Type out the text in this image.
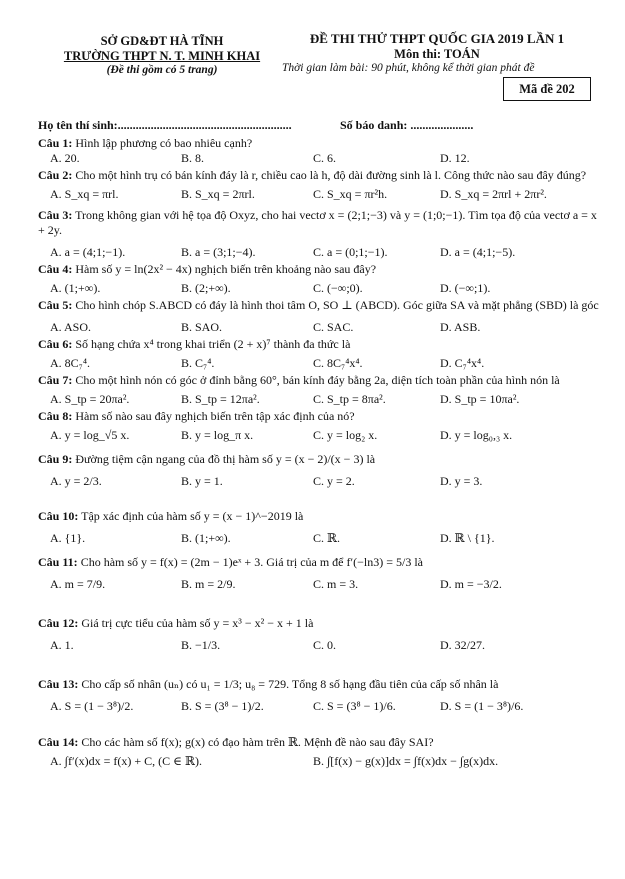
SỞ GD&ĐT HÀ TĨNH
TRƯỜNG THPT N. T. MINH KHAI
(Đề thi gồm có 5 trang)
ĐỀ THI THỬ THPT QUỐC GIA 2019 LẦN 1
Môn thi: TOÁN
Thời gian làm bài: 90 phút, không kể thời gian phát đề
Mã đề 202
Họ tên thí sinh:..........................................................	Số báo danh: .....................
Câu 1: Hình lập phương có bao nhiêu cạnh?
A. 20.	B. 8.	C. 6.	D. 12.
Câu 2: Cho một hình trụ có bán kính đáy là r, chiều cao là h, độ dài đường sinh là l. Công thức nào sau đây đúng?
A. S_xq = πrl.	B. S_xq = 2πrl.	C. S_xq = πr²h.	D. S_xq = 2πrl + 2πr².
Câu 3: Trong không gian với hệ tọa độ Oxyz, cho hai vectơ x = (2;1;−3) và y = (1;0;−1). Tìm tọa độ của vectơ a = x + 2y.
A. a = (4;1;−1).	B. a = (3;1;−4).	C. a = (0;1;−1).	D. a = (4;1;−5).
Câu 4: Hàm số y = ln(2x² − 4x) nghịch biến trên khoảng nào sau đây?
A. (1;+∞).	B. (2;+∞).	C. (−∞;0).	D. (−∞;1).
Câu 5: Cho hình chóp S.ABCD có đáy là hình thoi tâm O, SO ⊥ (ABCD). Góc giữa SA và mặt phẳng (SBD) là góc
A. ASO.	B. SAO.	C. SAC.	D. ASB.
Câu 6: Số hạng chứa x⁴ trong khai triển (2 + x)⁷ thành đa thức là
A. 8C₇⁴.	B. C₇⁴.	C. 8C₇⁴x⁴.	D. C₇⁴x⁴.
Câu 7: Cho một hình nón có góc ở đỉnh bằng 60°, bán kính đáy bằng 2a, diện tích toàn phần của hình nón là
A. S_tp = 20πa².	B. S_tp = 12πa².	C. S_tp = 8πa².	D. S_tp = 10πa².
Câu 8: Hàm số nào sau đây nghịch biến trên tập xác định của nó?
A. y = log_√5 x.	B. y = log_π x.	C. y = log₂ x.	D. y = log₀,₃ x.
Câu 9: Đường tiệm cận ngang của đồ thị hàm số y = (x − 2)/(x − 3) là
A. y = 2/3.	B. y = 1.	C. y = 2.	D. y = 3.
Câu 10: Tập xác định của hàm số y = (x − 1)^−2019 là
A. {1}.	B. (1;+∞).	C. ℝ.	D. ℝ \ {1}.
Câu 11: Cho hàm số y = f(x) = (2m − 1)eˣ + 3. Giá trị của m để f′(−ln3) = 5/3 là
A. m = 7/9.	B. m = 2/9.	C. m = 3.	D. m = −3/2.
Câu 12: Giá trị cực tiểu của hàm số y = x³ − x² − x + 1 là
A. 1.	B. −1/3.	C. 0.	D. 32/27.
Câu 13: Cho cấp số nhân (uₙ) có u₁ = 1/3; u₈ = 729. Tổng 8 số hạng đầu tiên của cấp số nhân là
A. S = (1 − 3⁸)/2.	B. S = (3⁸ − 1)/2.	C. S = (3⁸ − 1)/6.	D. S = (1 − 3⁸)/6.
Câu 14: Cho các hàm số f(x); g(x) có đạo hàm trên ℝ. Mệnh đề nào sau đây SAI?
A. ∫f′(x)dx = f(x) + C, (C ∈ ℝ).	B. ∫[f(x) − g(x)]dx = ∫f(x)dx − ∫g(x)dx.
